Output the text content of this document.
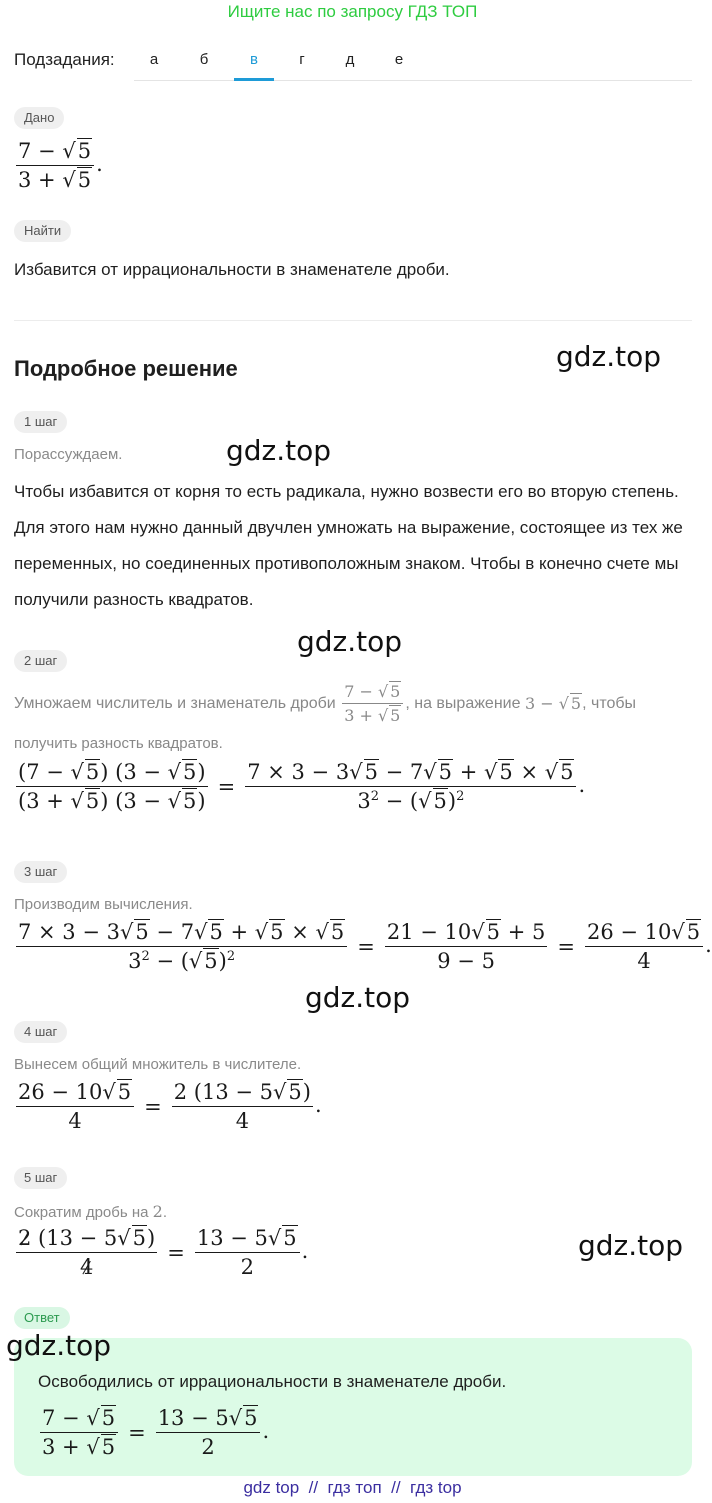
Ищите нас по запросу ГДЗ ТОП
Подзадания:	а	б	в	г	д	е
Дано
$\frac{7 - √5}{3 + √5}$ .
Найти
Избавится от иррациональности в знаменателе дроби.
Подробное решение	gdz.top
1 шаг
Порассуждаем.	gdz.top
Чтобы избавится от корня то есть радикала, нужно возвести его во вторую степень. Для этого нам нужно данный двучлен умножать на выражение, состоящее из тех же переменных, но соединенных противоположным знаком. Чтобы в конечно счете мы получили разность квадратов.
gdz.top
2 шаг
Умножаем числитель и знаменатель дроби $\frac{7 - √ 5}{3 + √ 5}$ , на выражение 3 − √ 5, чтобы
получить разность квадратов.
$\frac{(7 - √5) (3 - √5)}{(3 + √5) (3 - √5)} = \frac{7 \times 3 - 3√5 - 7√5 + √5 \times √5}{3^2 - (√5)^2}$ .
3 шаг
Производим вычисления.
$\frac{7 \times 3 - 3√5 - 7√5 + √5 \times √5}{3^2 - (√5)^2} = \frac{21 - 10√5 + 5}{9 - 5} = \frac{26 - 10√5}{4}$ .
gdz.top
4 шаг
Вынесем общий множитель в числителе.
$\frac{26 - 10√5}{4} = \frac{2 (13 - 5√5)}{4}$ .
5 шаг
Сократим дробь на 2.
$\frac{2 (13 - 5√5)}{4} = \frac{13 - 5√5}{2}$ .	gdz.top
Ответ
gdz.top
Освободились от иррациональности в знаменателе дроби.
$\frac{7 - √5}{3 + √5} = \frac{13 - 5√5}{2}$ .
gdz top  //  гдз топ  //  гдз top
